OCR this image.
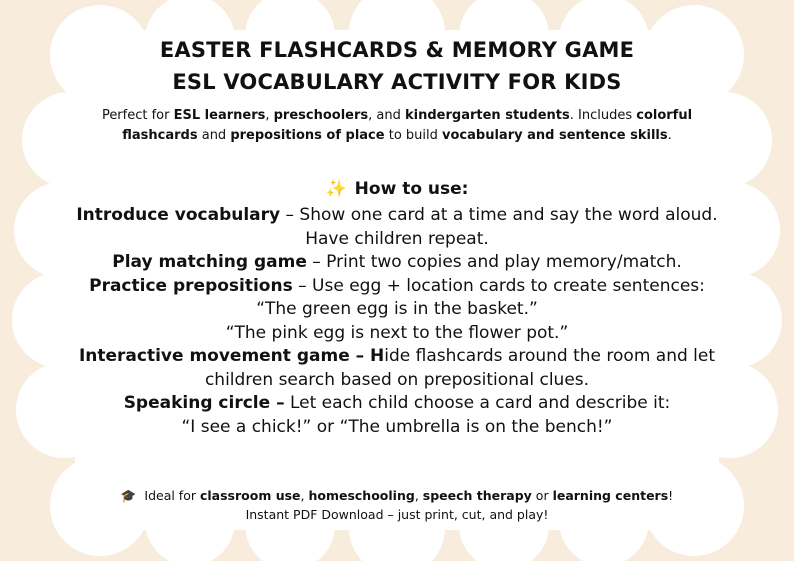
EASTER FLASHCARDS & MEMORY GAME
ESL VOCABULARY ACTIVITY FOR KIDS

Perfect for ESL learners, preschoolers, and kindergarten students. Includes colorful flashcards and prepositions of place to build vocabulary and sentence skills.

✨ How to use:
Introduce vocabulary – Show one card at a time and say the word aloud. Have children repeat.
Play matching game – Print two copies and play memory/match.
Practice prepositions – Use egg + location cards to create sentences:
“The green egg is in the basket.”
“The pink egg is next to the flower pot.”
Interactive movement game – Hide flashcards around the room and let children search based on prepositional clues.
Speaking circle – Let each child choose a card and describe it:
“I see a chick!” or “The umbrella is on the bench!”
🎓 Ideal for classroom use, homeschooling, speech therapy or learning centers!
Instant PDF Download – just print, cut, and play!
